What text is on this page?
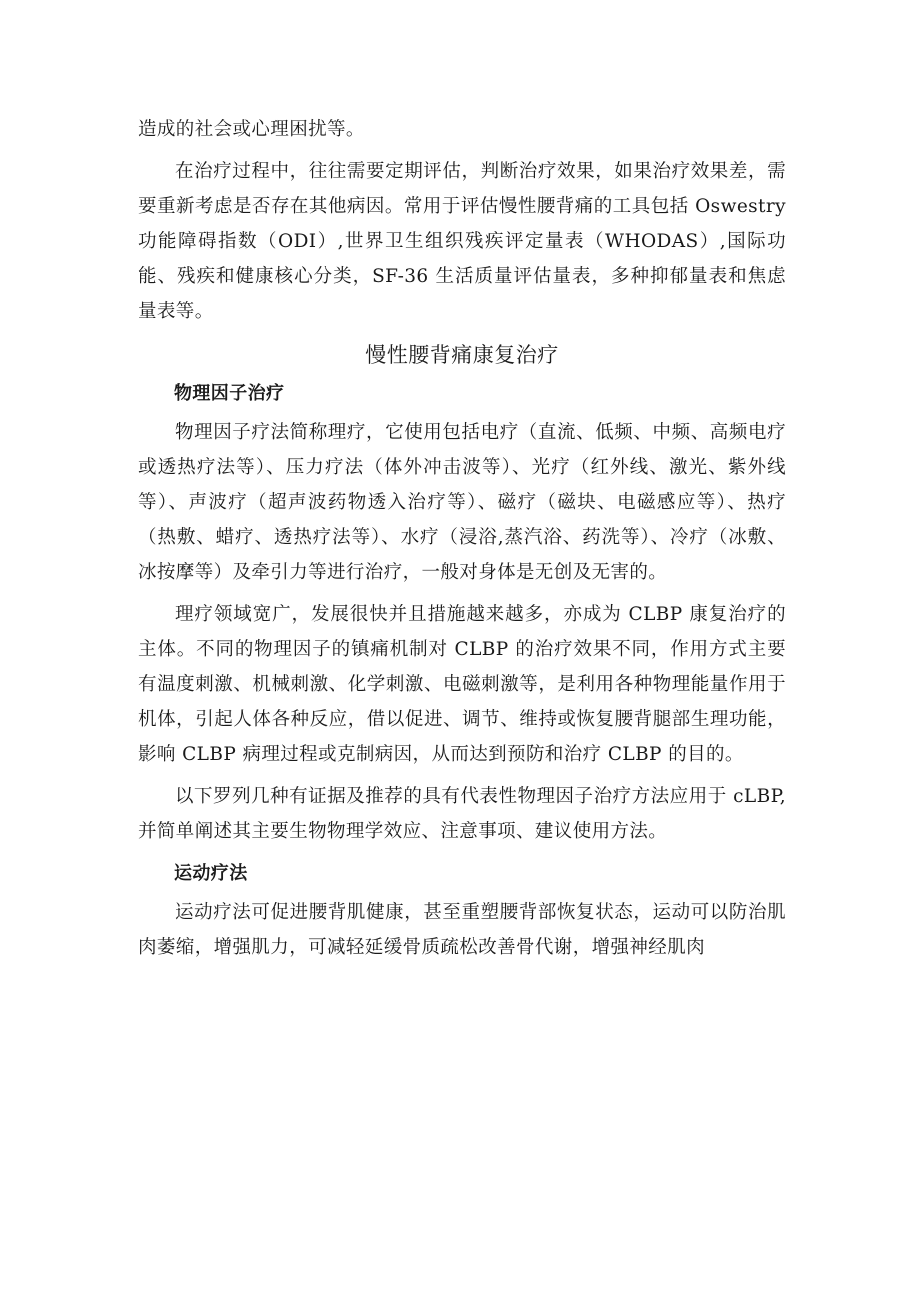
造成的社会或心理困扰等。

在治疗过程中，往往需要定期评估，判断治疗效果，如果治疗效果差，需要重新考虑是否存在其他病因。常用于评估慢性腰背痛的工具包括 Oswestry 功能障碍指数（ODI）,世界卫生组织残疾评定量表（WHODAS）,国际功能、残疾和健康核心分类，SF-36 生活质量评估量表，多种抑郁量表和焦虑量表等。

慢性腰背痛康复治疗
物理因子治疗

物理因子疗法简称理疗，它使用包括电疗（直流、低频、中频、高频电疗或透热疗法等）、压力疗法（体外冲击波等）、光疗（红外线、激光、紫外线等）、声波疗（超声波药物透入治疗等）、磁疗（磁块、电磁感应等）、热疗（热敷、蜡疗、透热疗法等）、水疗（浸浴,蒸汽浴、药洗等）、冷疗（冰敷、冰按摩等）及牵引力等进行治疗，一般对身体是无创及无害的。

理疗领域宽广，发展很快并且措施越来越多，亦成为 CLBP 康复治疗的主体。不同的物理因子的镇痛机制对 CLBP 的治疗效果不同，作用方式主要有温度刺激、机械刺激、化学刺激、电磁刺激等，是利用各种物理能量作用于机体，引起人体各种反应，借以促进、调节、维持或恢复腰背腿部生理功能，影响 CLBP 病理过程或克制病因，从而达到预防和治疗 CLBP 的目的。

以下罗列几种有证据及推荐的具有代表性物理因子治疗方法应用于 cLBP,并简单阐述其主要生物物理学效应、注意事项、建议使用方法。

运动疗法

运动疗法可促进腰背肌健康，甚至重塑腰背部恢复状态，运动可以防治肌肉萎缩，增强肌力，可减轻延缓骨质疏松改善骨代谢，增强神经肌肉
